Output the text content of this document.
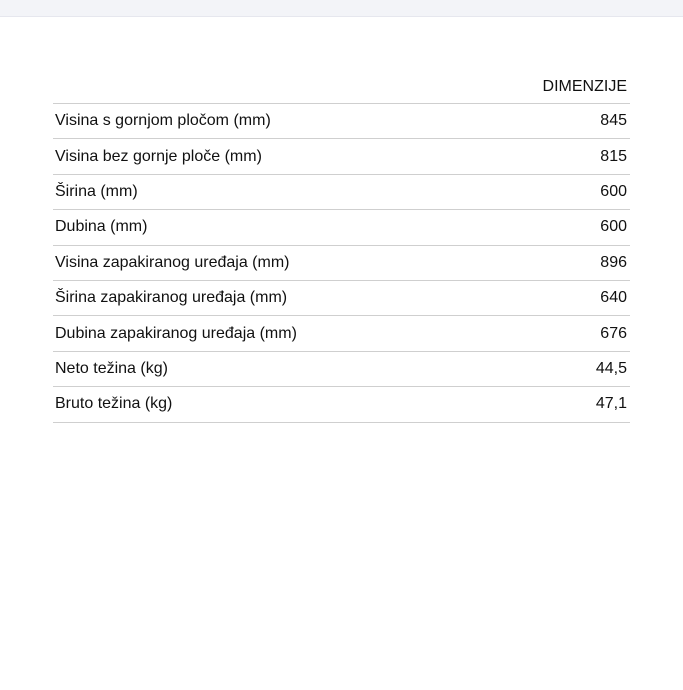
DIMENZIJE
Visina s gornjom pločom (mm)	845
Visina bez gornje ploče (mm)	815
Širina (mm)	600
Dubina (mm)	600
Visina zapakiranog uređaja (mm)	896
Širina zapakiranog uređaja (mm)	640
Dubina zapakiranog uređaja (mm)	676
Neto težina (kg)	44,5
Bruto težina (kg)	47,1
